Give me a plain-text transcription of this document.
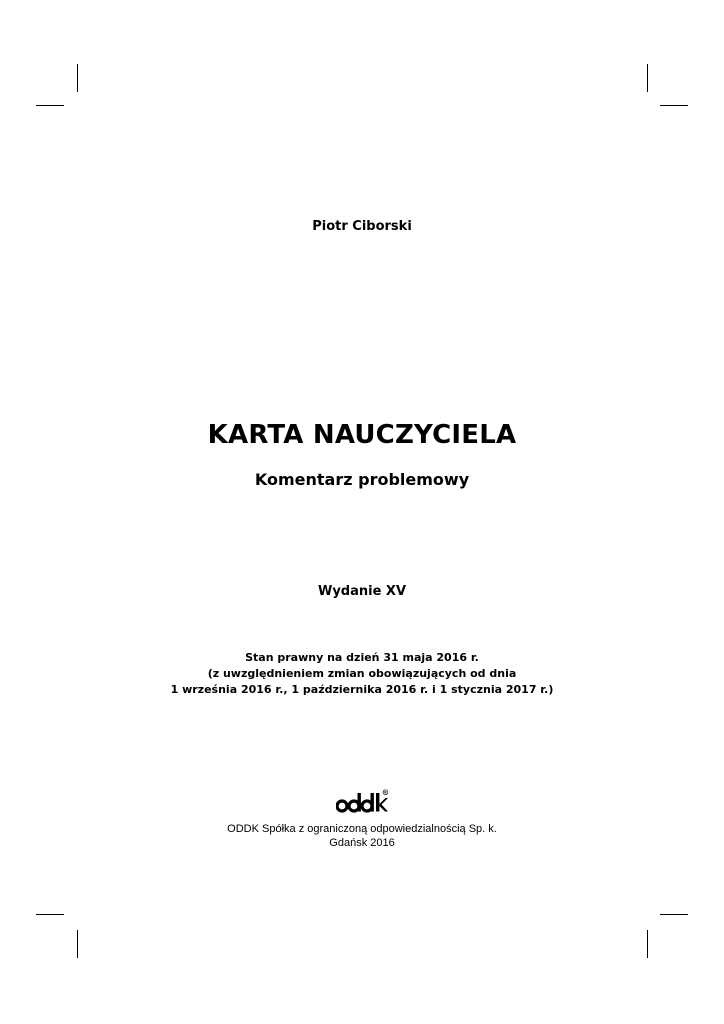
Piotr Ciborski
KARTA NAUCZYCIELA
Komentarz problemowy
Wydanie XV
Stan prawny na dzień 31 maja 2016 r.
(z uwzględnieniem zmian obowiązujących od dnia
1 września 2016 r., 1 października 2016 r. i 1 stycznia 2017 r.)
R
ODDK Spółka z ograniczoną odpowiedzialnością Sp. k.
Gdańsk 2016
